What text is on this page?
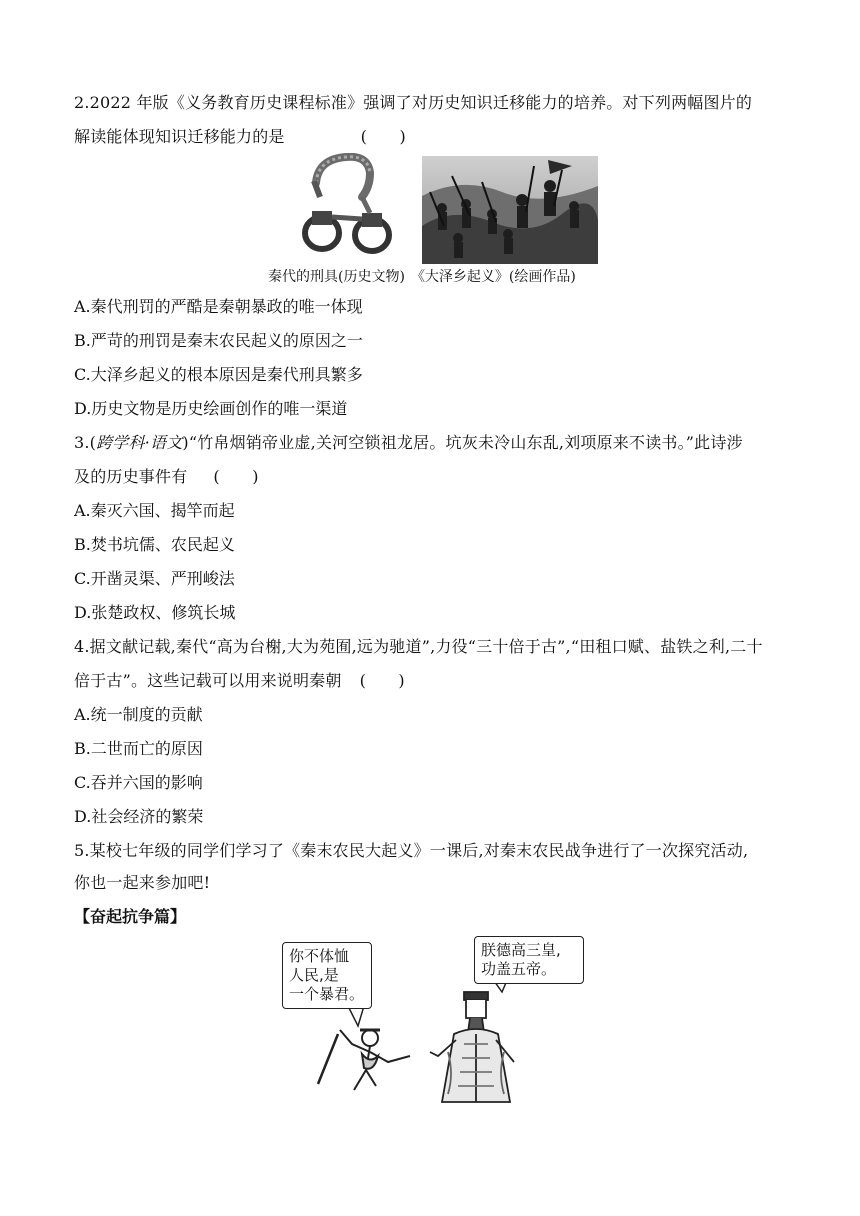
2.2022 年版《义务教育历史课程标准》强调了对历史知识迁移能力的培养。对下列两幅图片的
解读能体现知识迁移能力的是	(　　)
秦代的刑具(历史文物) 《大泽乡起义》(绘画作品)
A.秦代刑罚的严酷是秦朝暴政的唯一体现
B.严苛的刑罚是秦末农民起义的原因之一
C.大泽乡起义的根本原因是秦代刑具繁多
D.历史文物是历史绘画创作的唯一渠道
3.(跨学科·语文)“竹帛烟销帝业虚,关河空锁祖龙居。坑灰未冷山东乱,刘项原来不读书。”此诗涉
及的历史事件有 (　　)
A.秦灭六国、揭竿而起
B.焚书坑儒、农民起义
C.开凿灵渠、严刑峻法
D.张楚政权、修筑长城
4.据文献记载,秦代“高为台榭,大为苑囿,远为驰道”,力役“三十倍于古”,“田租口赋、盐铁之利,二十
倍于古”。这些记载可以用来说明秦朝 (　　)
A.统一制度的贡献
B.二世而亡的原因
C.吞并六国的影响
D.社会经济的繁荣
5.某校七年级的同学们学习了《秦末农民大起义》一课后,对秦末农民战争进行了一次探究活动,
你也一起来参加吧!
【奋起抗争篇】
你不体恤
人民,是
一个暴君。
朕德高三皇,
功盖五帝。
